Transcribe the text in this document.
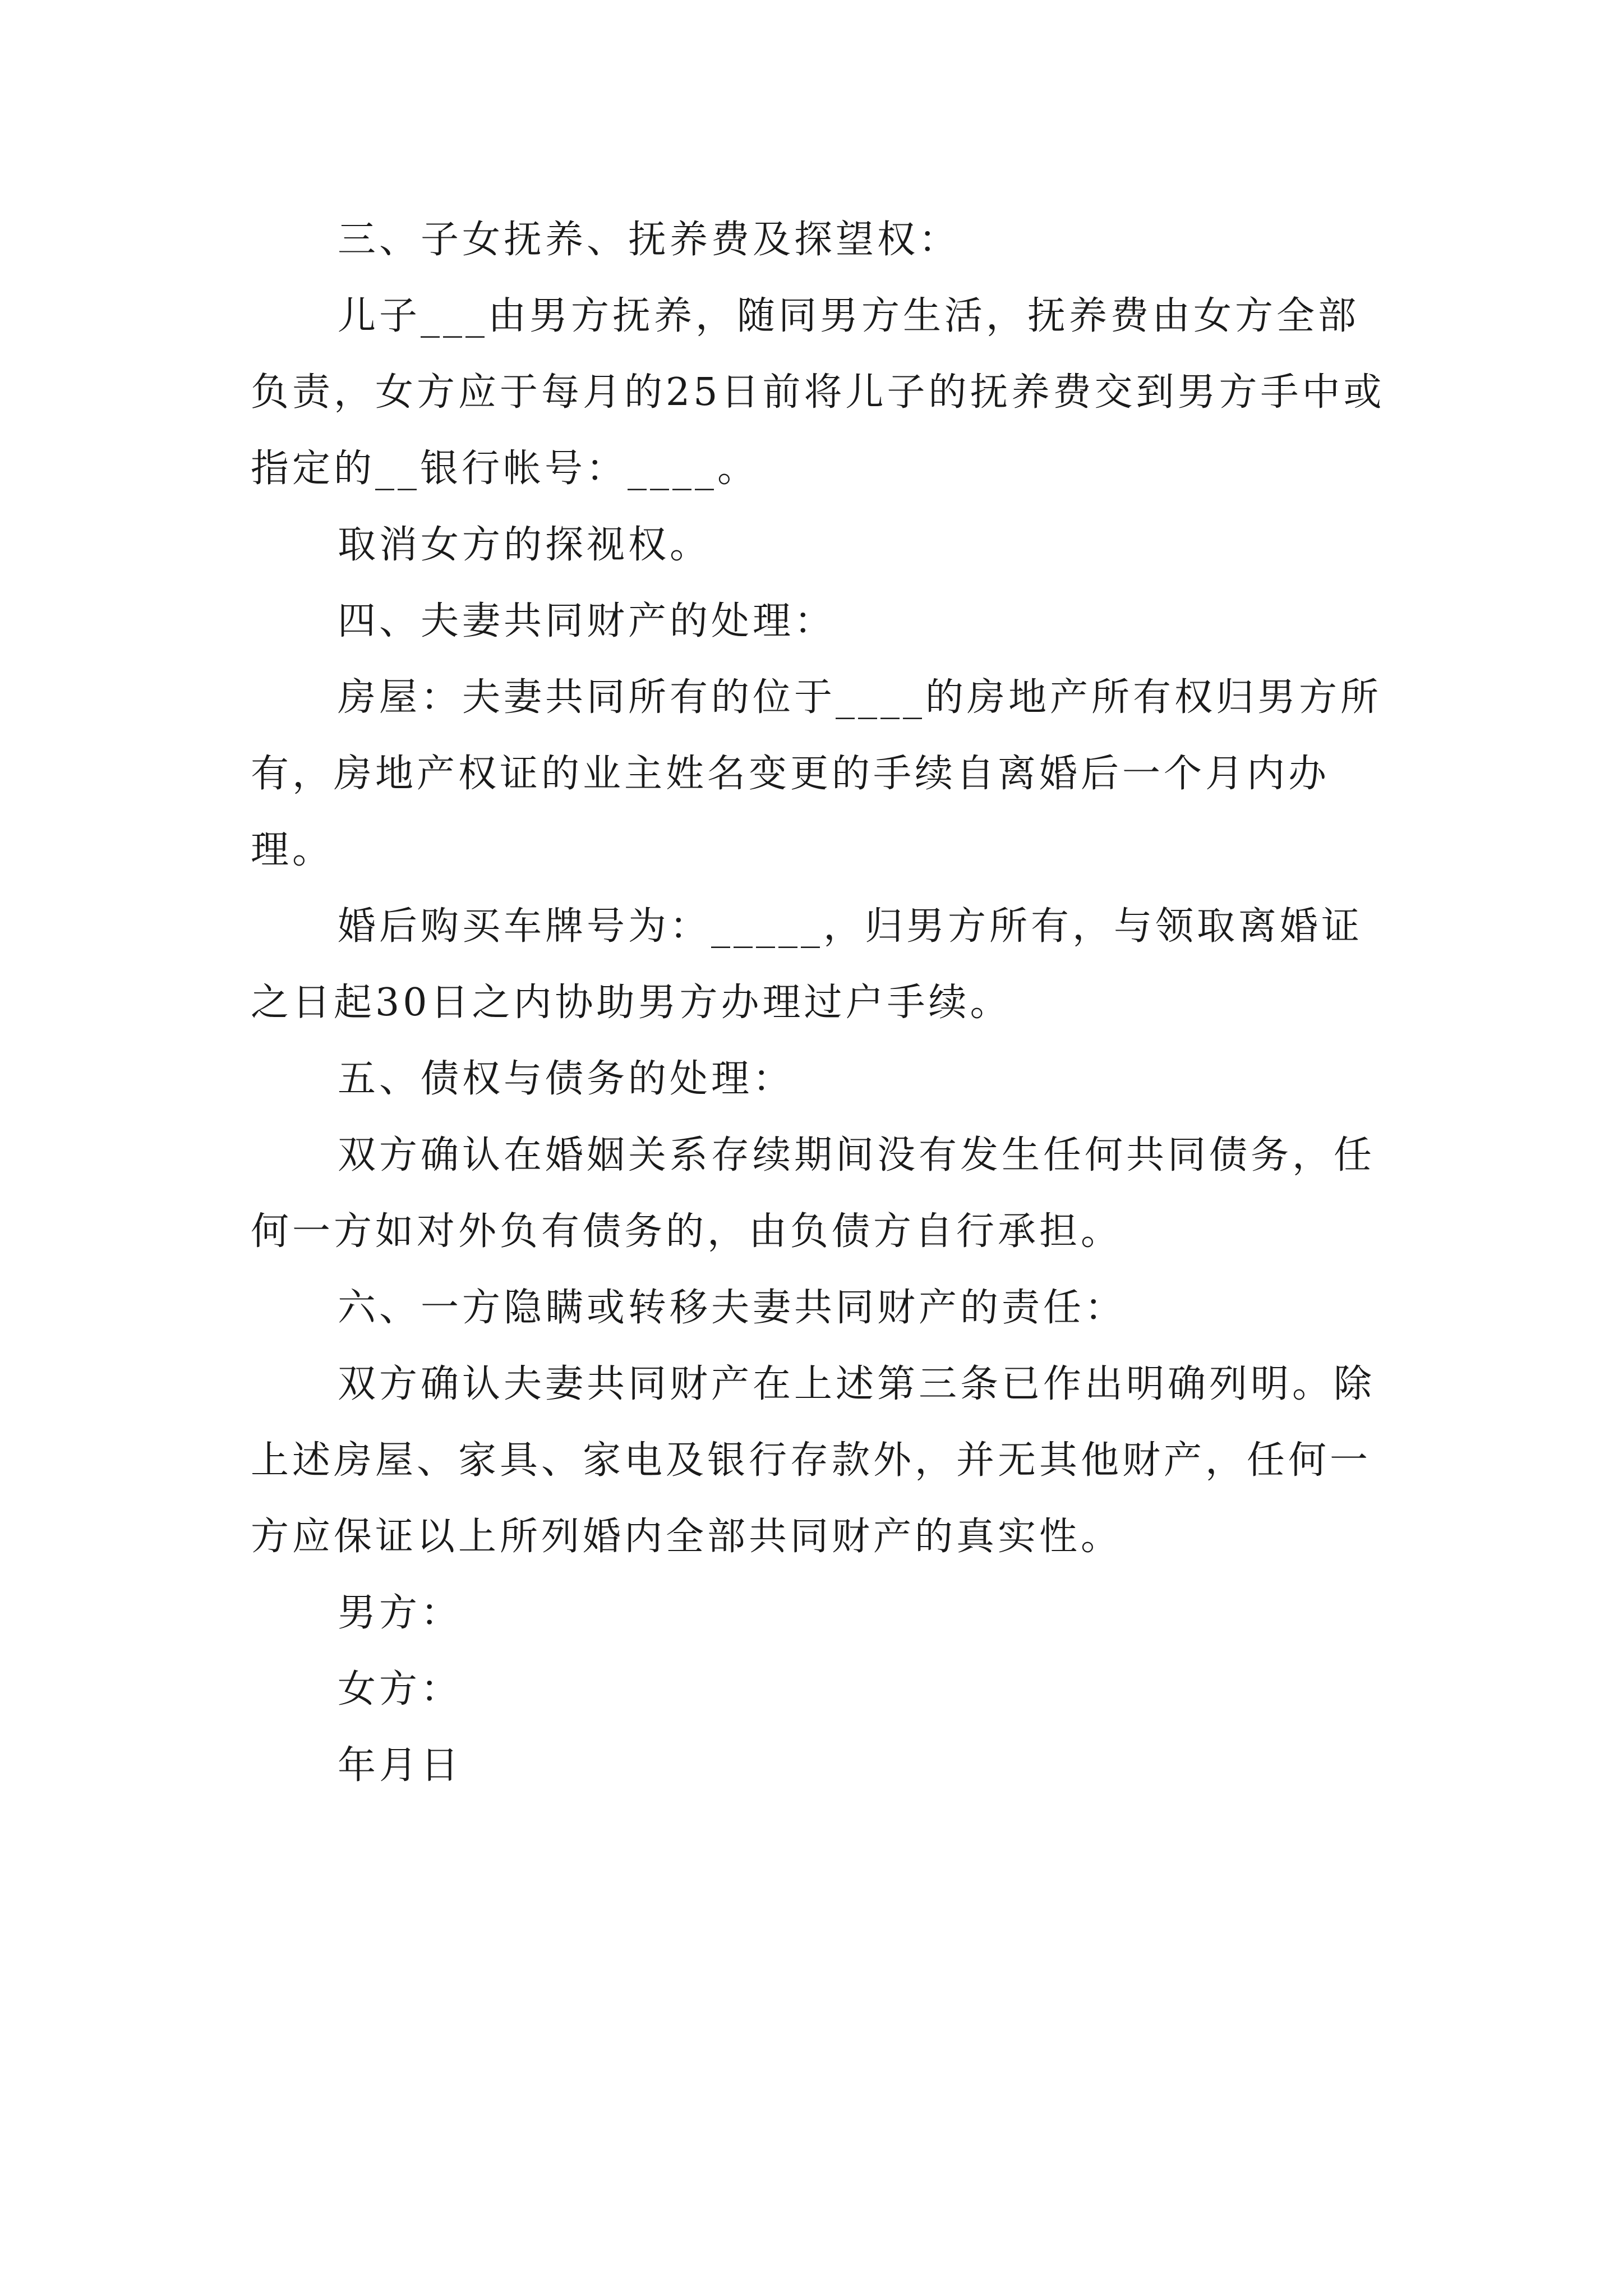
三、子女抚养、抚养费及探望权：

儿子___由男方抚养，随同男方生活，抚养费由女方全部负责，女方应于每月的25日前将儿子的抚养费交到男方手中或指定的__银行帐号：____。

取消女方的探视权。

四、夫妻共同财产的处理：

房屋：夫妻共同所有的位于____的房地产所有权归男方所有，房地产权证的业主姓名变更的手续自离婚后一个月内办理。

婚后购买车牌号为：_____，归男方所有，与领取离婚证之日起30日之内协助男方办理过户手续。

五、债权与债务的处理：

双方确认在婚姻关系存续期间没有发生任何共同债务，任何一方如对外负有债务的，由负债方自行承担。

六、一方隐瞒或转移夫妻共同财产的责任：

双方确认夫妻共同财产在上述第三条已作出明确列明。除上述房屋、家具、家电及银行存款外，并无其他财产，任何一方应保证以上所列婚内全部共同财产的真实性。

男方：

女方：

年月日
